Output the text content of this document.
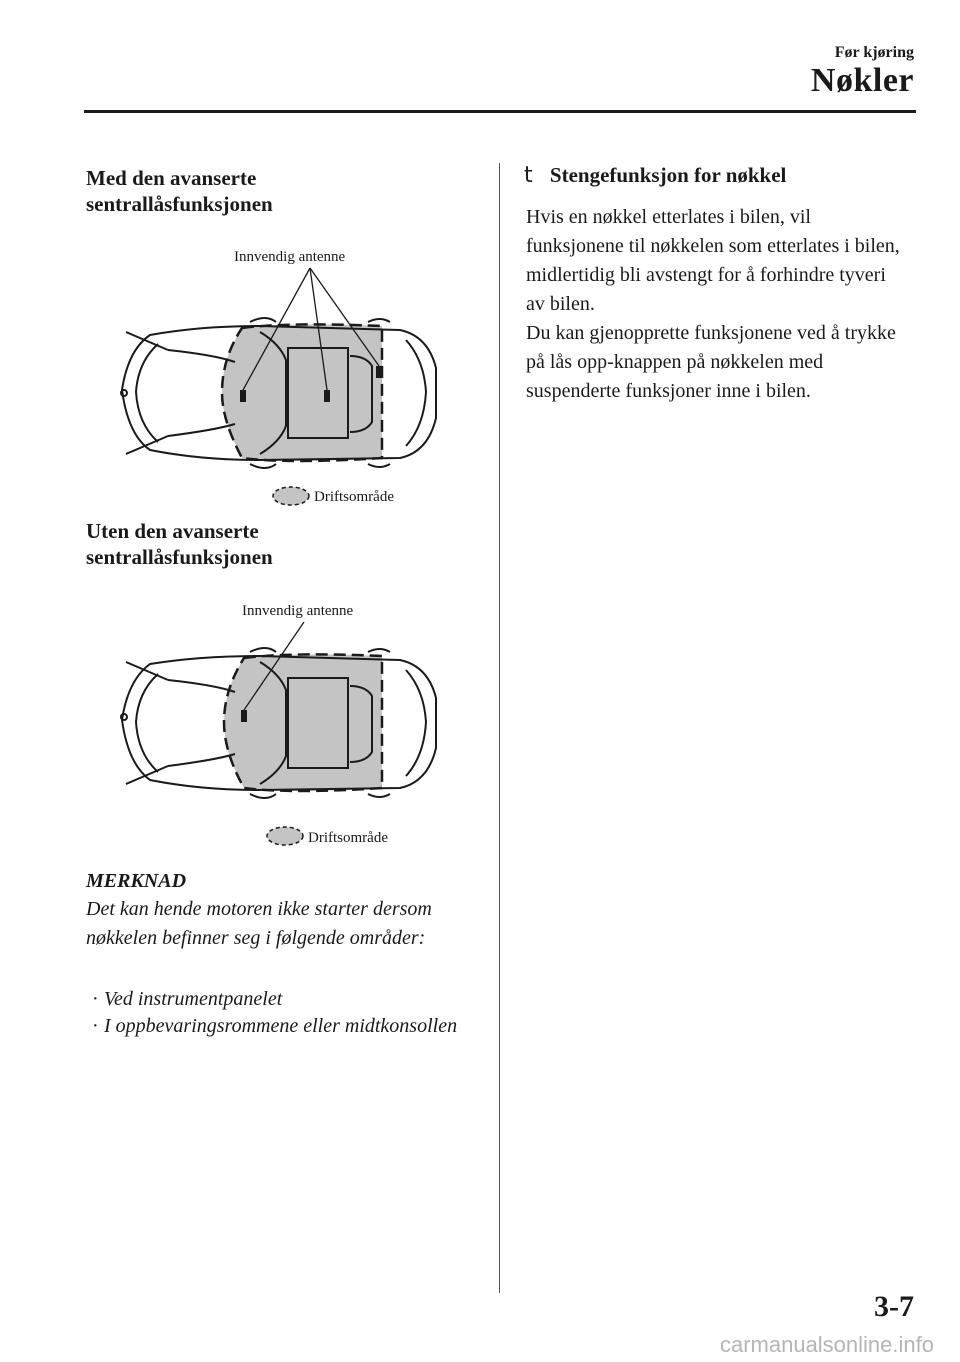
Før kjøring
Nøkler
Med den avanserte
sentrallåsfunksjonen
Innvendig antenne
Driftsområde
Uten den avanserte
sentrallåsfunksjonen
Innvendig antenne
Driftsområde
MERKNAD
Det kan hende motoren ikke starter dersom nøkkelen befinner seg i følgende områder:
· Ved instrumentpanelet
· I oppbevaringsrommene eller midtkonsollen
t Stengefunksjon for nøkkel

Hvis en nøkkel etterlates i bilen, vil funksjonene til nøkkelen som etterlates i bilen, midlertidig bli avstengt for å forhindre tyveri av bilen.

Du kan gjenopprette funksjonene ved å trykke på lås opp-knappen på nøkkelen med suspenderte funksjoner inne i bilen.

3-7
carmanualsonline.info
